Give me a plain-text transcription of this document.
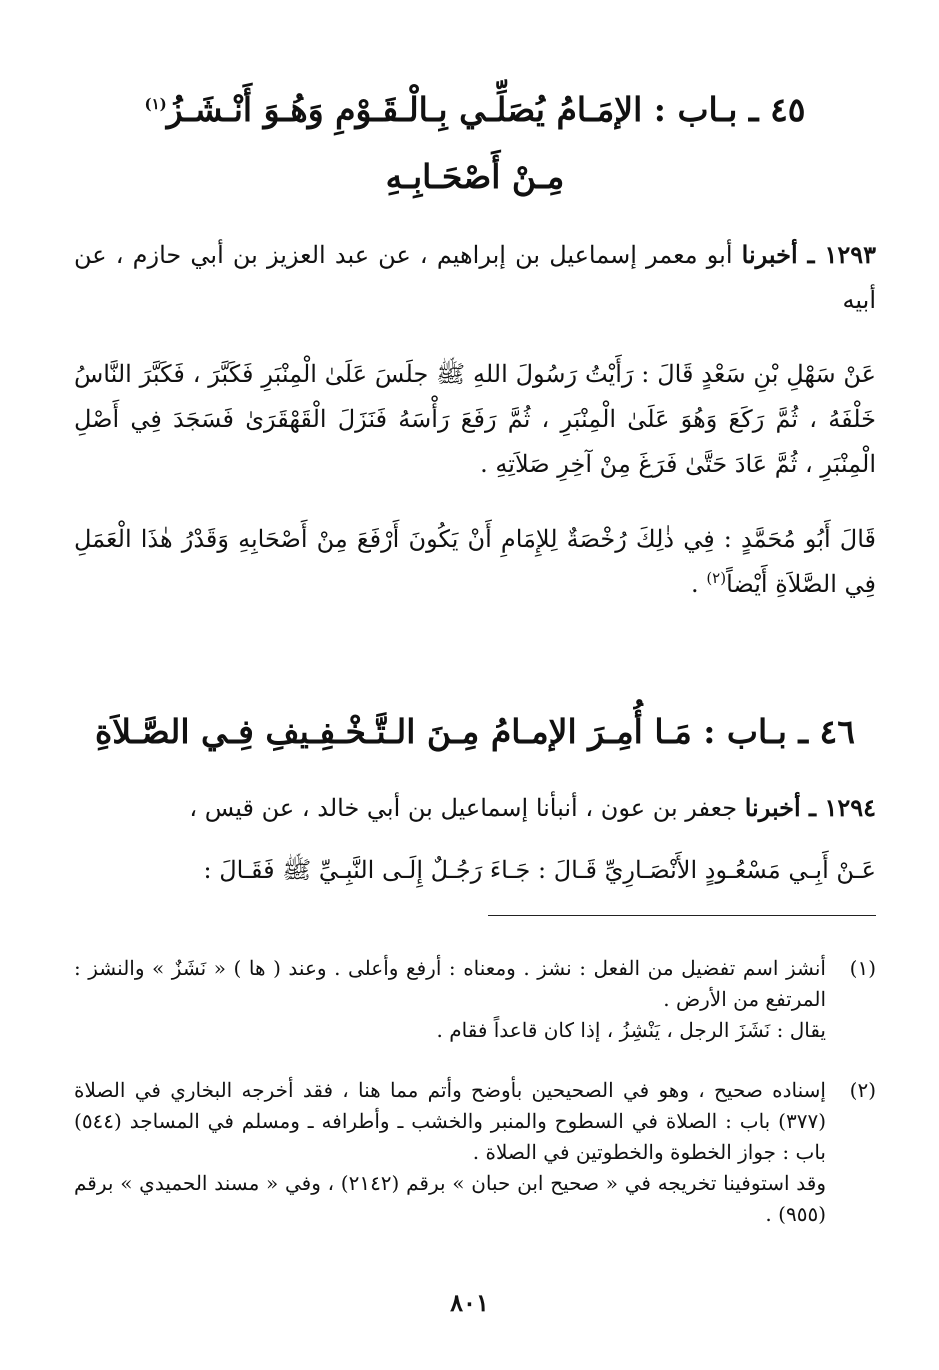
٤٥ ـ بـاب : الإمَـامُ يُصَلِّـي بِـالْـقَـوْمِ وَهُـوَ أَنْـشَـزُ$^{(١)}$
مِـنْ أَصْحَـابِـهِ
١٢٩٣ ـ أخبرنا أبو معمر إسماعيل بن إبراهيم ، عن عبد العزيز بن أبي حازم ، عن أبيه
عَنْ سَهْلِ بْنِ سَعْدٍ قَالَ : رَأَيْتُ رَسُولَ اللهِ ﷺ جلَسَ عَلَىٰ الْمِنْبَرِ فَكَبَّرَ ، فَكَبَّرَ النَّاسُ خَلْفَهُ ، ثُمَّ رَكَعَ وَهُوَ عَلَىٰ الْمِنْبَرِ ، ثُمَّ رَفَعَ رَأْسَهُ فَنَزَلَ الْقَهْقَرَىٰ فَسَجَدَ فِي أَصْلِ الْمِنْبَرِ ، ثُمَّ عَادَ حَتَّىٰ فَرَغَ مِنْ آخِرِ صَلاَتِهِ .
قَالَ أَبُو مُحَمَّدٍ : فِي ذٰلِكَ رُخْصَةٌ لِلإِمَامِ أَنْ يَكُونَ أَرْفَعَ مِنْ أَصْحَابِهِ وَقَدْرُ هٰذَا الْعَمَلِ فِي الصَّلاَةِ أَيْضاً$^{(٢)}$ .
٤٦ ـ بـاب : مَـا أُمِـرَ الإمـامُ مِـنَ الـتَّـخْـفِـيفِ فِـي الصَّـلاَةِ
١٢٩٤ ـ أخبرنا جعفر بن عون ، أنبأنا إسماعيل بن أبي خالد ، عن قيس ،
عَـنْ أَبِـي مَسْعُـودٍ الأَنْصَـارِيِّ قَـالَ : جَـاءَ رَجُـلٌ إِلَـى النَّبِـيِّ ﷺ فَقَـالَ :
(١)
أنشز اسم تفضيل من الفعل : نشز . ومعناه : أرفع وأعلى . وعند ( ها ) « نَشَزٌ » والنشز : المرتفع من الأرض .
يقال : نَشَزَ الرجل ، يَنْشِزُ ، إذا كان قاعداً فقام .
(٢)
إسناده صحيح ، وهو في الصحيحين بأوضح وأتم مما هنا ، فقد أخرجه البخاري في الصلاة (٣٧٧) باب : الصلاة في السطوح والمنبر والخشب ـ وأطرافه ـ ومسلم في المساجد (٥٤٤) باب : جواز الخطوة والخطوتين في الصلاة .
وقد استوفينا تخريجه في « صحيح ابن حبان » برقم (٢١٤٢) ، وفي « مسند الحميدي » برقم (٩٥٥) .
٨٠١
